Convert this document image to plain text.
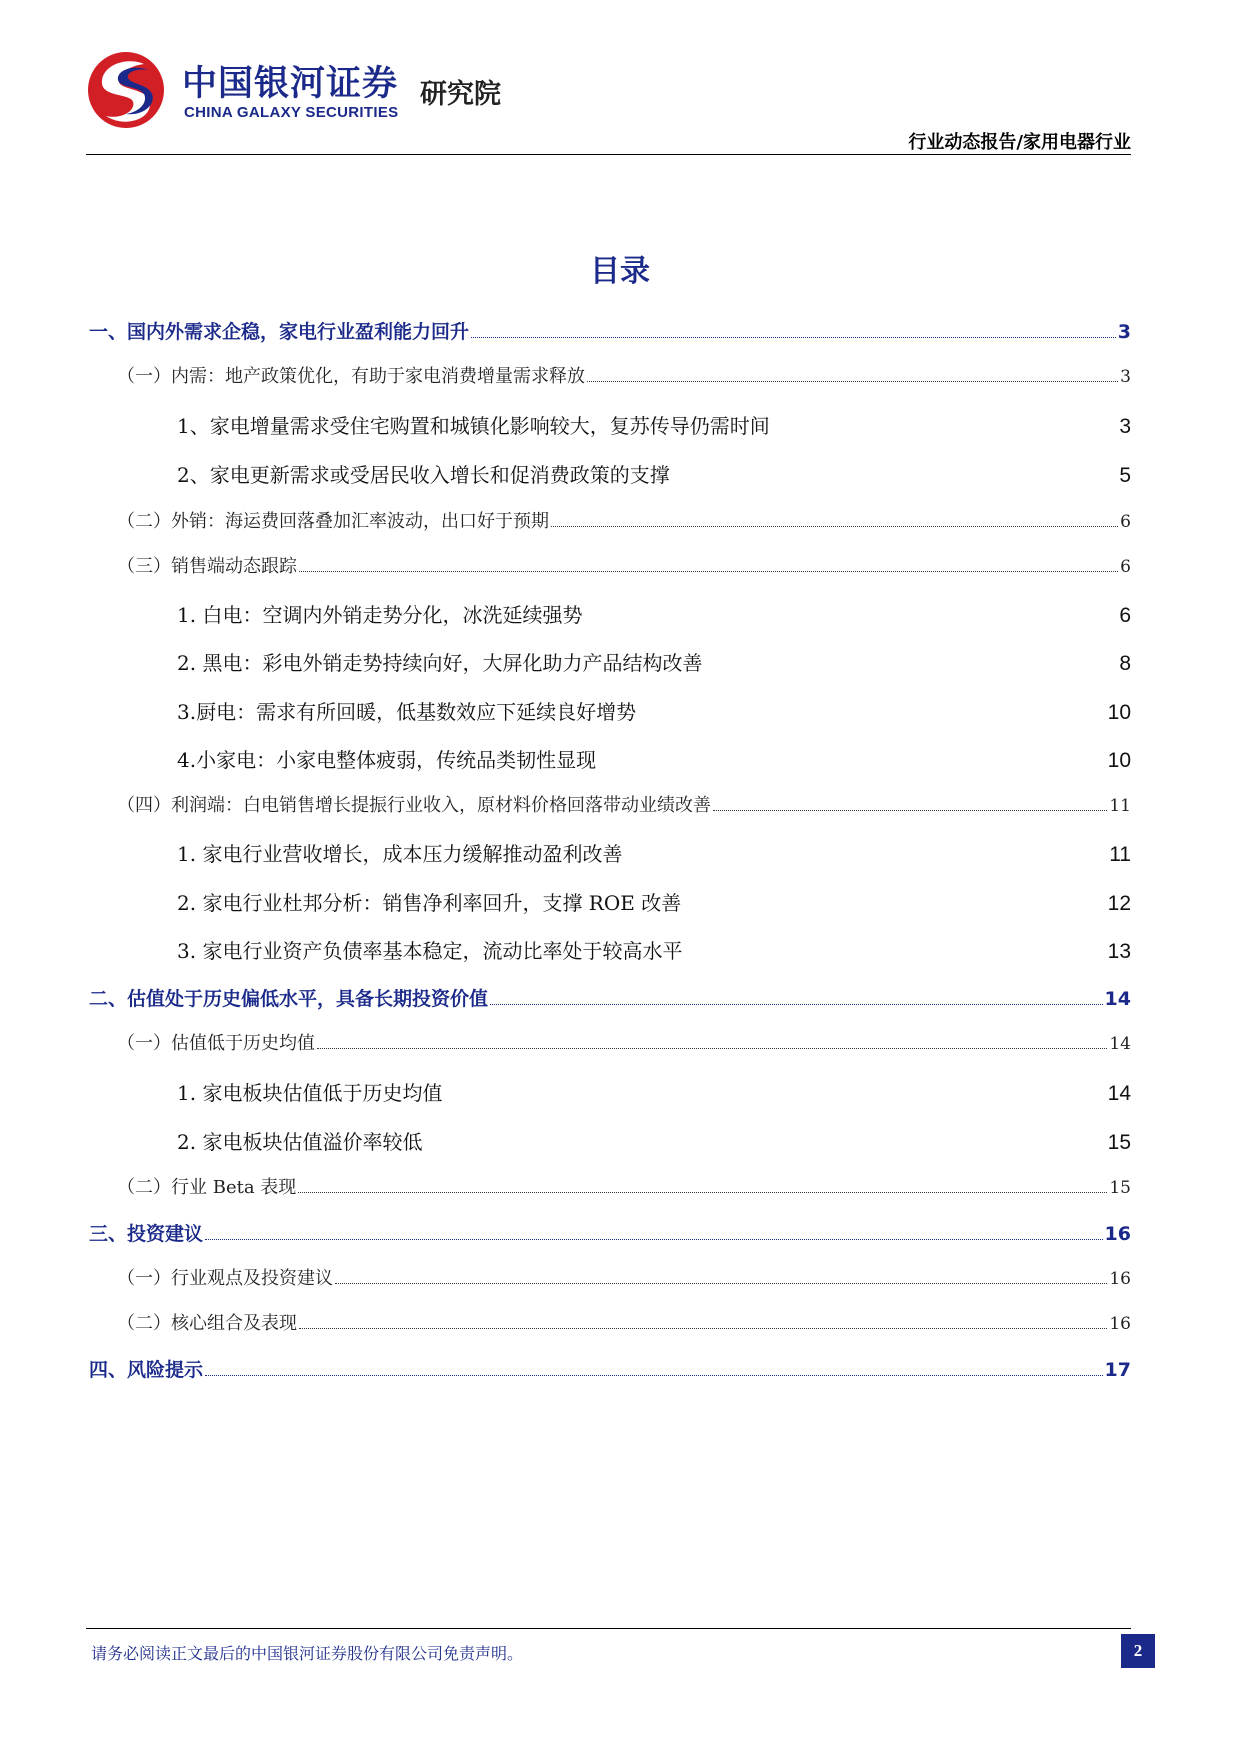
中国银河证券
CHINA GALAXY SECURITIES
研究院
行业动态报告/家用电器行业
目录
一、国内外需求企稳，家电行业盈利能力回升	3
（一）内需：地产政策优化，有助于家电消费增量需求释放	3
1、家电增量需求受住宅购置和城镇化影响较大，复苏传导仍需时间	3
2、家电更新需求或受居民收入增长和促消费政策的支撑	5
（二）外销：海运费回落叠加汇率波动，出口好于预期	6
（三）销售端动态跟踪	6
1. 白电：空调内外销走势分化，冰洗延续强势	6
2. 黑电：彩电外销走势持续向好，大屏化助力产品结构改善	8
3.厨电：需求有所回暖，低基数效应下延续良好增势	10
4.小家电：小家电整体疲弱，传统品类韧性显现	10
（四）利润端：白电销售增长提振行业收入，原材料价格回落带动业绩改善	11
1. 家电行业营收增长，成本压力缓解推动盈利改善	11
2. 家电行业杜邦分析：销售净利率回升，支撑 ROE 改善	12
3. 家电行业资产负债率基本稳定，流动比率处于较高水平	13
二、估值处于历史偏低水平，具备长期投资价值	14
（一）估值低于历史均值	14
1. 家电板块估值低于历史均值	14
2. 家电板块估值溢价率较低	15
（二）行业 Beta 表现	15
三、投资建议	16
（一）行业观点及投资建议	16
（二）核心组合及表现	16
四、风险提示	17
请务必阅读正文最后的中国银河证券股份有限公司免责声明。	2
